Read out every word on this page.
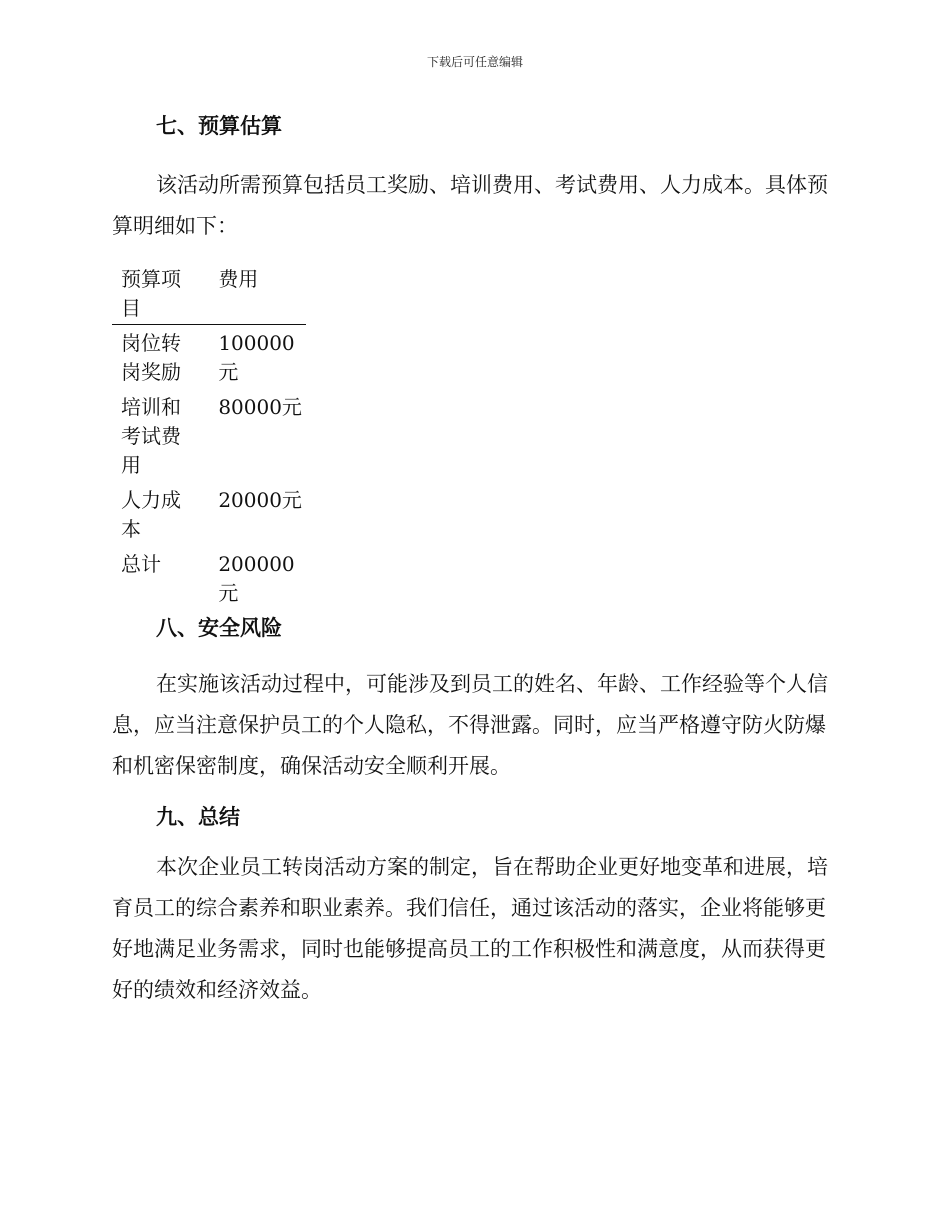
下载后可任意编辑
七、预算估算

该活动所需预算包括员工奖励、培训费用、考试费用、人力成本。具体预算明细如下：

预算项目	费用
岗位转岗奖励	100000元
培训和考试费用	80000元
人力成本	20000元
总计	200000元
八、安全风险

在实施该活动过程中，可能涉及到员工的姓名、年龄、工作经验等个人信息，应当注意保护员工的个人隐私，不得泄露。同时，应当严格遵守防火防爆和机密保密制度，确保活动安全顺利开展。

九、总结

本次企业员工转岗活动方案的制定，旨在帮助企业更好地变革和进展，培育员工的综合素养和职业素养。我们信任，通过该活动的落实，企业将能够更好地满足业务需求，同时也能够提高员工的工作积极性和满意度，从而获得更好的绩效和经济效益。
